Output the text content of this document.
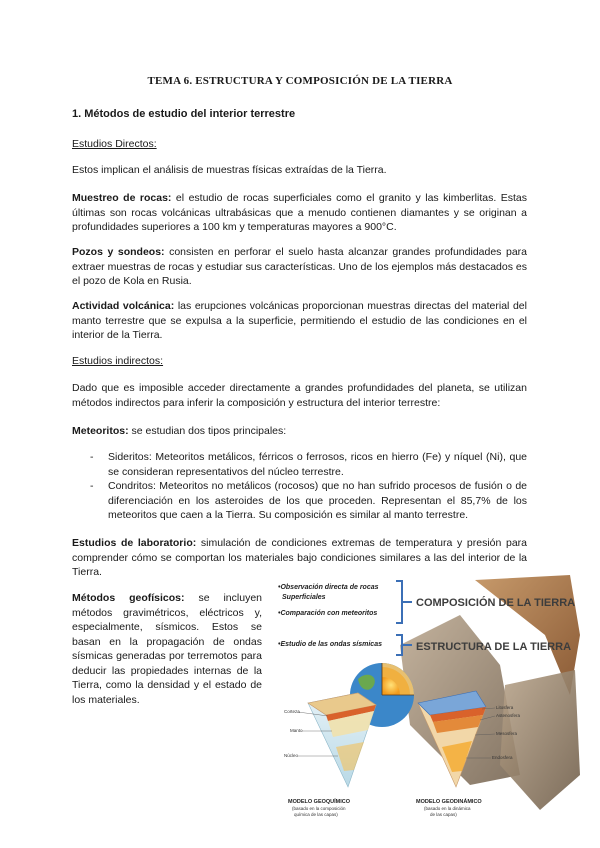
TEMA 6. ESTRUCTURA Y COMPOSICIÓN DE LA TIERRA
1. Métodos de estudio del interior terrestre
Estudios Directos:

Estos implican el análisis de muestras físicas extraídas de la Tierra.

Muestreo de rocas: el estudio de rocas superficiales como el granito y las kimberlitas. Estas últimas son rocas volcánicas ultrabásicas que a menudo contienen diamantes y se originan a profundidades superiores a 100 km y temperaturas mayores a 900°C.

Pozos y sondeos: consisten en perforar el suelo hasta alcanzar grandes profundidades para extraer muestras de rocas y estudiar sus características. Uno de los ejemplos más destacados es el pozo de Kola en Rusia.

Actividad volcánica: las erupciones volcánicas proporcionan muestras directas del material del manto terrestre que se expulsa a la superficie, permitiendo el estudio de las condiciones en el interior de la Tierra.

Estudios indirectos:

Dado que es imposible acceder directamente a grandes profundidades del planeta, se utilizan métodos indirectos para inferir la composición y estructura del interior terrestre:

Meteoritos: se estudian dos tipos principales:

- Sideritos: Meteoritos metálicos, férricos o ferrosos, ricos en hierro (Fe) y níquel (Ni), que se consideran representativos del núcleo terrestre.
- Condritos: Meteoritos no metálicos (rocosos) que no han sufrido procesos de fusión o de diferenciación en los asteroides de los que proceden. Representan el 85,7% de los meteoritos que caen a la Tierra. Su composición es similar al manto terrestre.

Estudios de laboratorio: simulación de condiciones extremas de temperatura y presión para comprender cómo se comportan los materiales bajo condiciones similares a las del interior de la Tierra.

Métodos geofísicos: se incluyen métodos gravimétricos, eléctricos y, especialmente, sísmicos. Estos se basan en la propagación de ondas sísmicas generadas por terremotos para deducir las propiedades internas de la Tierra, como la densidad y el estado de los materiales.

•Observación directa de rocas
Superficiales
•Comparación con meteoritos
•Estudio de las ondas sísmicas
COMPOSICIÓN DE LA TIERRA
ESTRUCTURA DE LA TIERRA
Corteza
Manto
Núcleo
MODELO GEOQUÍMICO
(basado en la composición
química de las capas)
Litosfera
Astenosfera
Mesosfera
Endosfera
MODELO GEODINÁMICO
(basado en la dinámica
de las capas)
